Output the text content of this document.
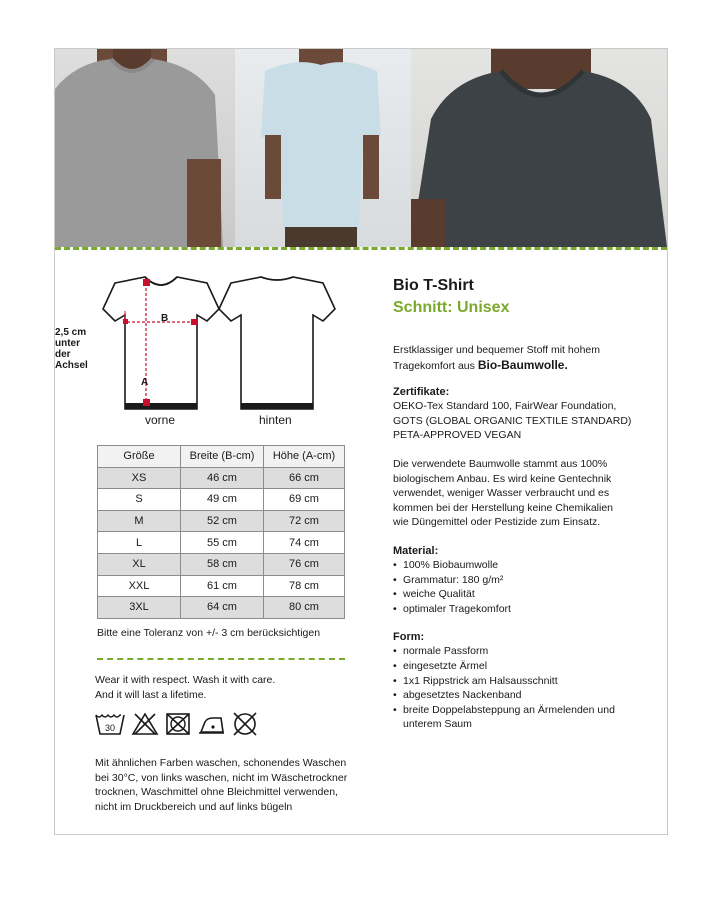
B
A
2,5 cm
unter
der
Achsel
vorne	hinten
Größe	Breite (B-cm)	Höhe (A-cm)
XS	46 cm	66 cm
S	49 cm	69 cm
M	52 cm	72 cm
L	55 cm	74 cm
XL	58 cm	76 cm
XXL	61 cm	78 cm
3XL	64 cm	80 cm
Bitte eine Toleranz von +/- 3 cm berücksichtigen
Wear it with respect. Wash it with care.
And it will last a lifetime.
30
Mit ähnlichen Farben waschen, schonendes Waschen
bei 30°C, von links waschen, nicht im Wäschetrockner
trocknen, Waschmittel ohne Bleichmittel verwenden,
nicht im Druckbereich und auf links bügeln
Bio T-Shirt
Schnitt: Unisex
Erstklassiger und bequemer Stoff mit hohem
Tragekomfort aus Bio-Baumwolle.
Zertifikate:
OEKO-Tex Standard 100, FairWear Foundation,
GOTS (GLOBAL ORGANIC TEXTILE STANDARD)
PETA-APPROVED VEGAN
Die verwendete Baumwolle stammt aus 100%
biologischem Anbau. Es wird keine Gentechnik
verwendet, weniger Wasser verbraucht und es
kommen bei der Herstellung keine Chemikalien
wie Düngemittel oder Pestizide zum Einsatz.
Material:
• 100% Biobaumwolle
• Grammatur: 180 g/m²
• weiche Qualität
• optimaler Tragekomfort
Form:
• normale Passform
• eingesetzte Ärmel
• 1x1 Rippstrick am Halsausschnitt
• abgesetztes Nackenband
• breite Doppelabsteppung an Ärmelenden und
unterem Saum
